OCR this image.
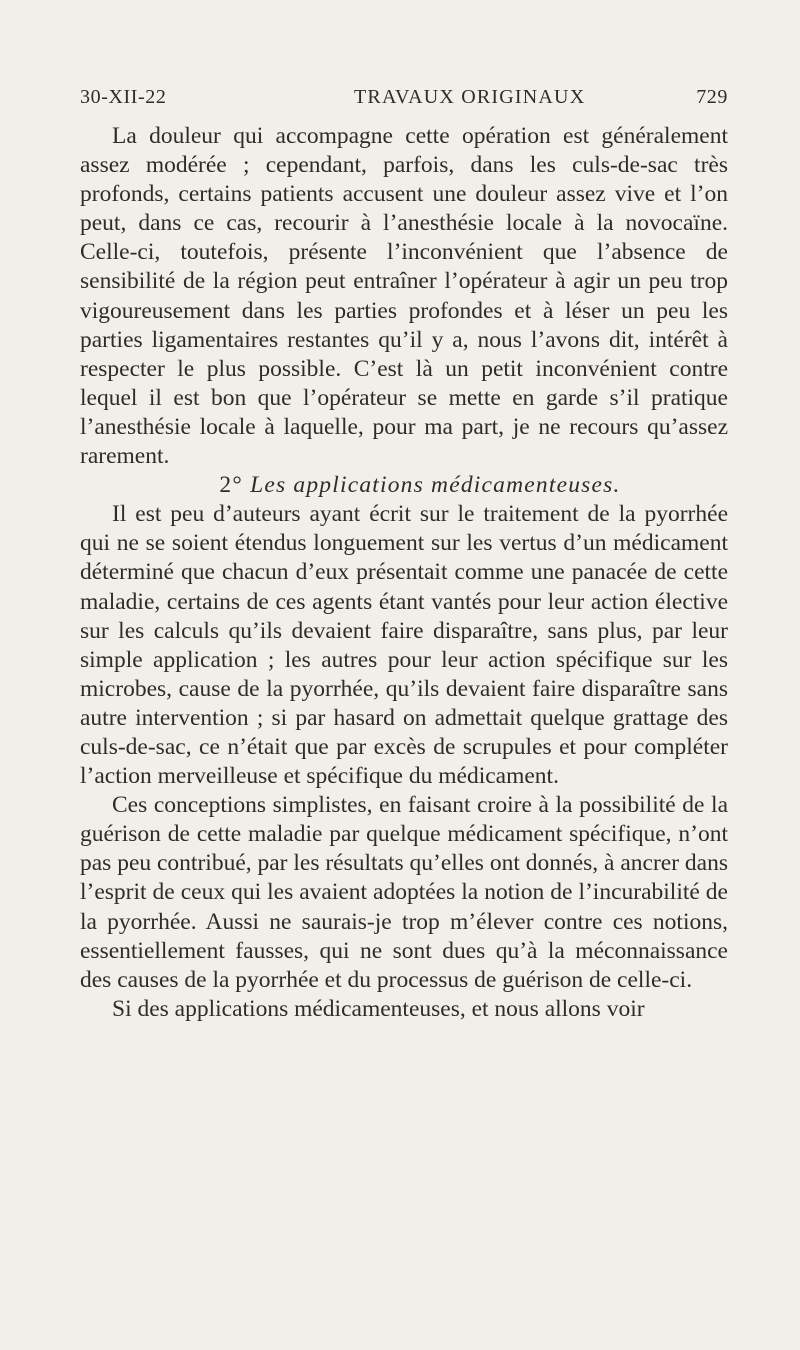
30-XII-22	TRAVAUX ORIGINAUX	729

La douleur qui accompagne cette opération est généralement assez modérée ; cependant, parfois, dans les culs-de-sac très profonds, certains patients accusent une douleur assez vive et l’on peut, dans ce cas, recourir à l’anesthésie locale à la novocaïne. Celle-ci, toutefois, présente l’inconvénient que l’absence de sensibilité de la région peut entraîner l’opérateur à agir un peu trop vigoureusement dans les parties profondes et à léser un peu les parties ligamentaires restantes qu’il y a, nous l’avons dit, intérêt à respecter le plus possible. C’est là un petit inconvénient contre lequel il est bon que l’opérateur se mette en garde s’il pratique l’anesthésie locale à laquelle, pour ma part, je ne recours qu’assez rarement.

2° Les applications médicamenteuses.

Il est peu d’auteurs ayant écrit sur le traitement de la pyorrhée qui ne se soient étendus longuement sur les vertus d’un médicament déterminé que chacun d’eux présentait comme une panacée de cette maladie, certains de ces agents étant vantés pour leur action élective sur les calculs qu’ils devaient faire disparaître, sans plus, par leur simple application ; les autres pour leur action spécifique sur les microbes, cause de la pyorrhée, qu’ils devaient faire disparaître sans autre intervention ; si par hasard on admettait quelque grattage des culs-de-sac, ce n’était que par excès de scrupules et pour compléter l’action merveilleuse et spécifique du médicament.

Ces conceptions simplistes, en faisant croire à la possibilité de la guérison de cette maladie par quelque médicament spécifique, n’ont pas peu contribué, par les résultats qu’elles ont donnés, à ancrer dans l’esprit de ceux qui les avaient adoptées la notion de l’incurabilité de la pyorrhée. Aussi ne saurais-je trop m’élever contre ces notions, essentiellement fausses, qui ne sont dues qu’à la méconnaissance des causes de la pyorrhée et du processus de guérison de celle-ci.

Si des applications médicamenteuses, et nous allons voir
